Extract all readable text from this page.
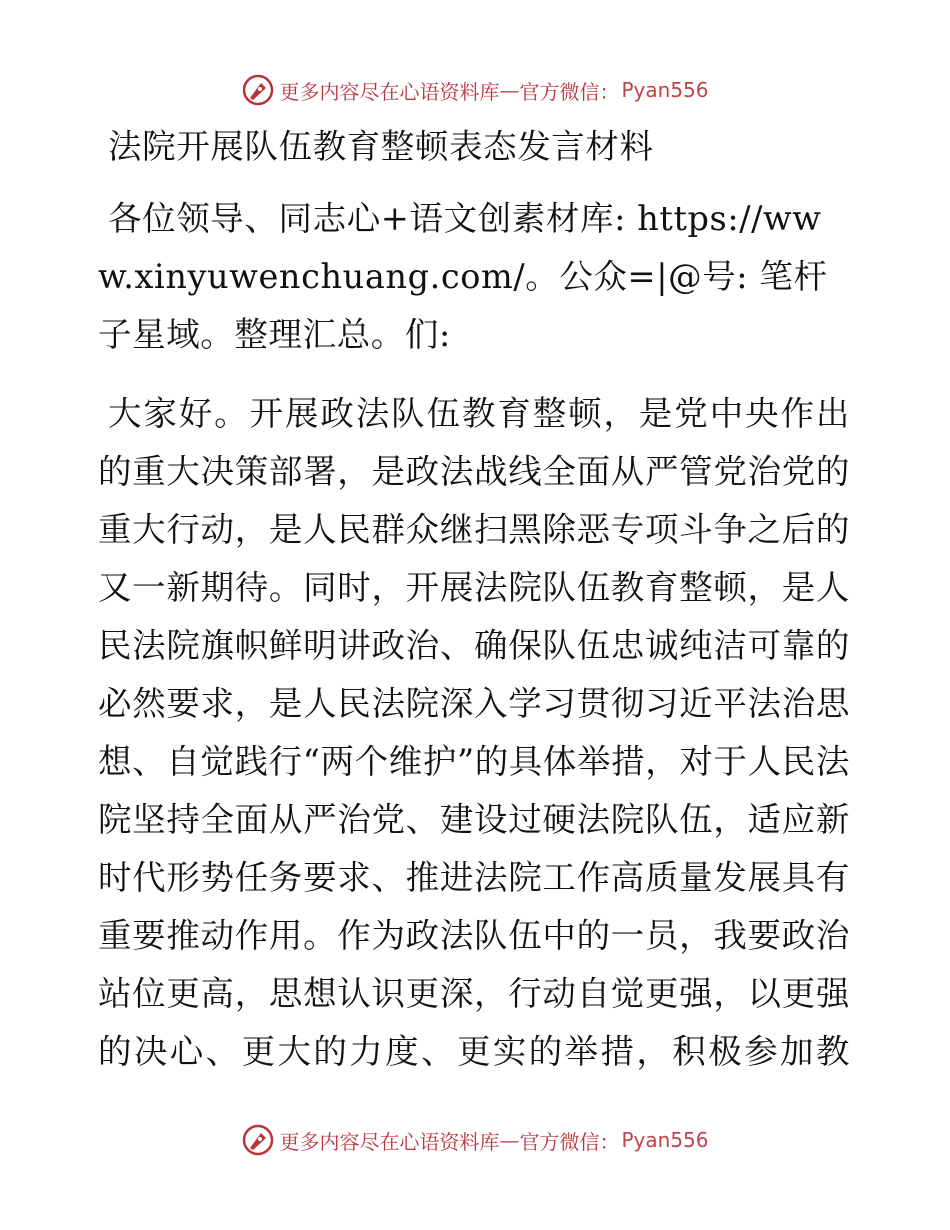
更多内容尽在心语资料库 — 官方微信： Pyan556
法院开展队伍教育整顿表态发言材料
各位领导、同志心+语文创素材库: https://www.xinyuwenchuang.com/。公众=|@号: 笔杆子星域。整理汇总。们:
大家好。开展政法队伍教育整顿，是党中央作出的重大决策部署，是政法战线全面从严管党治党的重大行动，是人民群众继扫黑除恶专项斗争之后的又一新期待。同时，开展法院队伍教育整顿，是人民法院旗帜鲜明讲政治、确保队伍忠诚纯洁可靠的必然要求，是人民法院深入学习贯彻习近平法治思想、自觉践行“两个维护”的具体举措，对于人民法院坚持全面从严治党、建设过硬法院队伍，适应新时代形势任务要求、推进法院工作高质量发展具有重要推动作用。作为政法队伍中的一员，我要政治站位更高，思想认识更深，行动自觉更强，以更强的决心、更大的力度、更实的举措，积极参加教
更多内容尽在心语资料库 — 官方微信： Pyan556
